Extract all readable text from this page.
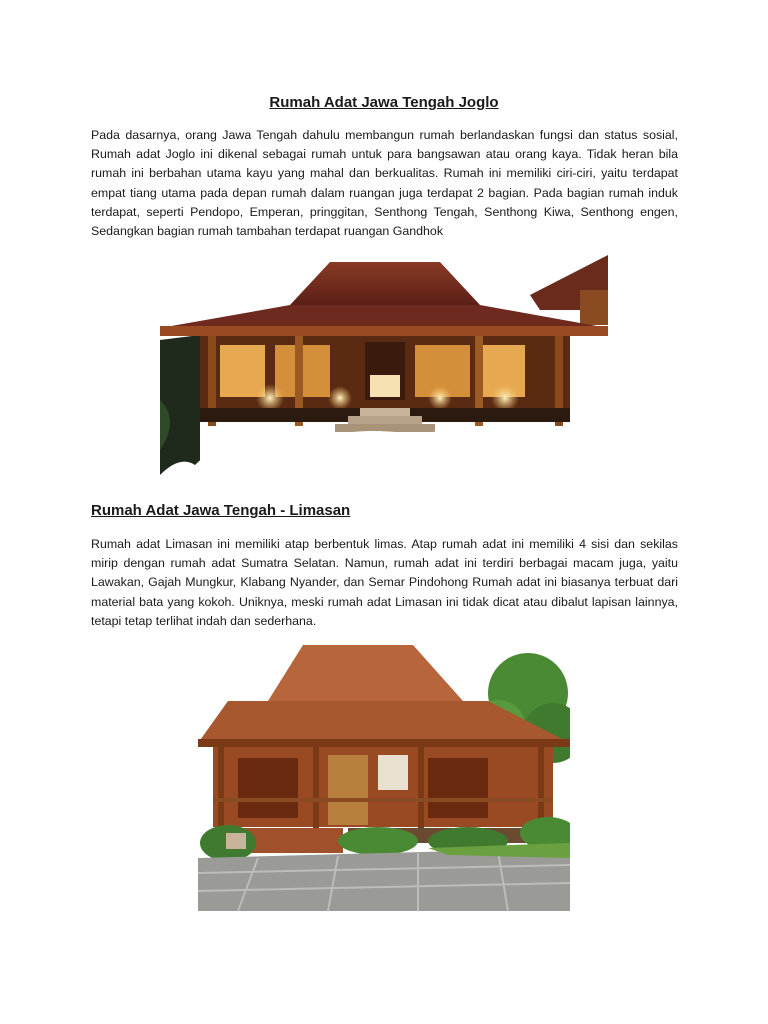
Rumah Adat Jawa Tengah Joglo
Pada dasarnya, orang Jawa Tengah dahulu membangun rumah berlandaskan fungsi dan status sosial, Rumah adat Joglo ini dikenal sebagai rumah untuk para bangsawan atau orang kaya. Tidak heran bila rumah ini berbahan utama kayu yang mahal dan berkualitas. Rumah ini memiliki ciri-ciri, yaitu terdapat empat tiang utama pada depan rumah dalam ruangan juga terdapat 2 bagian. Pada bagian rumah induk terdapat, seperti Pendopo, Emperan, pringgitan, Senthong Tengah, Senthong Kiwa, Senthong engen, Sedangkan bagian rumah tambahan terdapat ruangan Gandhok
Rumah Adat Jawa Tengah - Limasan
Rumah adat Limasan ini memiliki atap berbentuk limas. Atap rumah adat ini memiliki 4 sisi dan sekilas mirip dengan rumah adat Sumatra Selatan. Namun, rumah adat ini terdiri berbagai macam juga, yaitu Lawakan, Gajah Mungkur, Klabang Nyander, dan Semar Pindohong Rumah adat ini biasanya terbuat dari material bata yang kokoh. Uniknya, meski rumah adat Limasan ini tidak dicat atau dibalut lapisan lainnya, tetapi tetap terlihat indah dan sederhana.
